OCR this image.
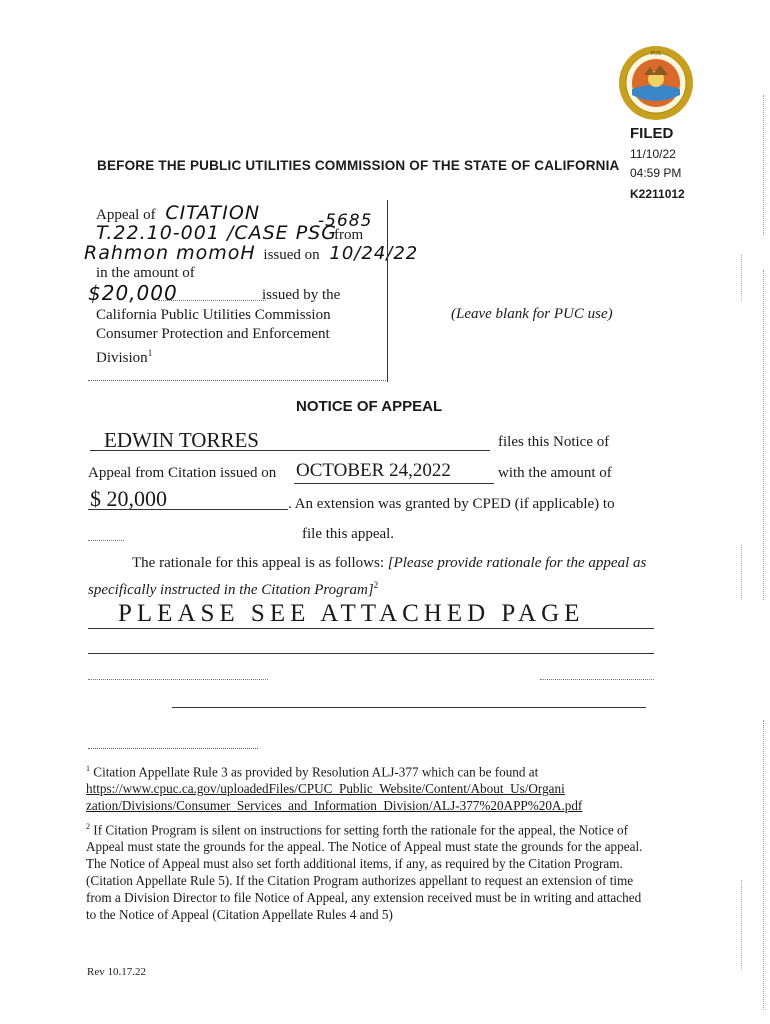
PUC
FILED
11/10/22
04:59 PM
K2211012
BEFORE THE PUBLIC UTILITIES COMMISSION OF THE STATE OF CALIFORNIA
Appeal of CITATION	-5685
T.22.10-001 /CASE PSG
from
Rahmon momoH issued on 10/24/22
in the amount of
$20,000	issued by the
California Public Utilities Commission
Consumer Protection and Enforcement
Division$^1$
(Leave blank for PUC use)
NOTICE OF APPEAL
EDWIN TORRES	files this Notice of
Appeal from Citation issued on OCTOBER 24,2022	with the amount of
$ 20,000	. An extension was granted by CPED (if applicable) to
file this appeal.
The rationale for this appeal is as follows: [Please provide rationale for the appeal as
specifically instructed in the Citation Program]$^2$
PLEASE SEE ATTACHED PAGE
$^1$ Citation Appellate Rule 3 as provided by Resolution ALJ-377 which can be found at
https://www.cpuc.ca.gov/uploadedFiles/CPUC_Public_Website/Content/About_Us/Organi
zation/Divisions/Consumer_Services_and_Information_Division/ALJ-377%20APP%20A.pdf
$^2$ If Citation Program is silent on instructions for setting forth the rationale for the appeal, the Notice of Appeal must state the grounds for the appeal. The Notice of Appeal must state the grounds for the appeal. The Notice of Appeal must also set forth additional items, if any, as required by the Citation Program. (Citation Appellate Rule 5). If the Citation Program authorizes appellant to request an extension of time from a Division Director to file Notice of Appeal, any extension received must be in writing and attached to the Notice of Appeal (Citation Appellate Rules 4 and 5)
Rev 10.17.22
